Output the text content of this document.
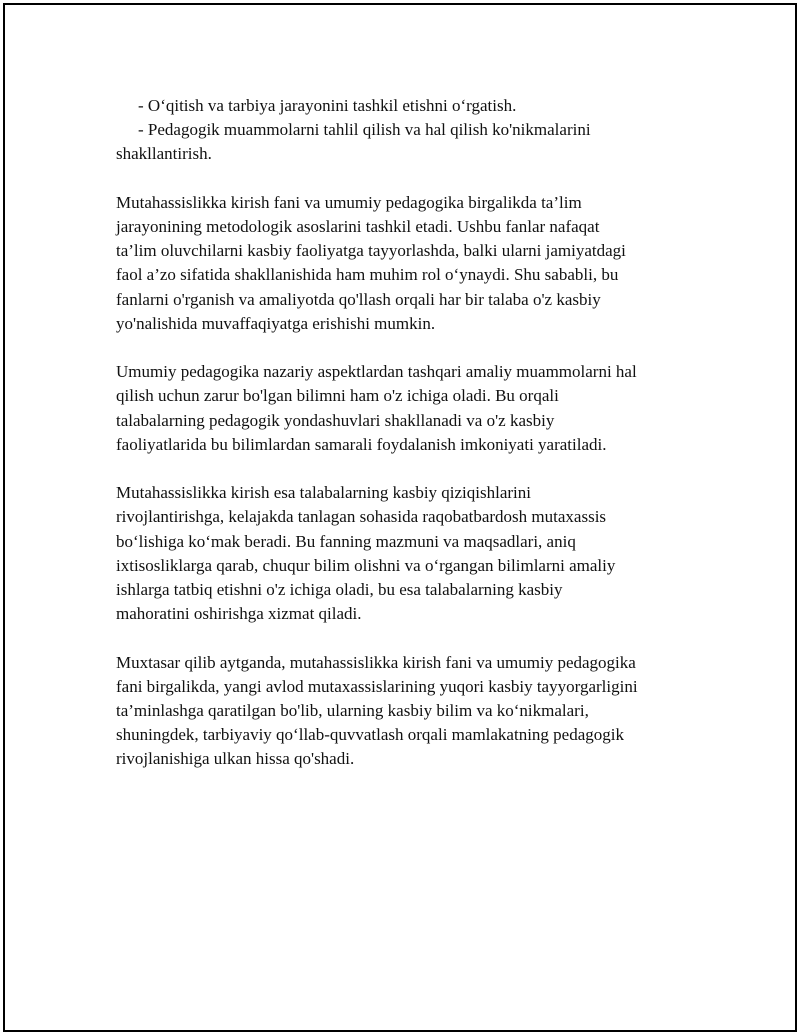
- O‘qitish va tarbiya jarayonini tashkil etishni o‘rgatish.

- Pedagogik muammolarni tahlil qilish va hal qilish ko'nikmalarini

shakllantirish.

Mutahassislikka kirish fani va umumiy pedagogika birgalikda ta’lim

jarayonining metodologik asoslarini tashkil etadi. Ushbu fanlar nafaqat

ta’lim oluvchilarni kasbiy faoliyatga tayyorlashda, balki ularni jamiyatdagi

faol a’zo sifatida shakllanishida ham muhim rol o‘ynaydi. Shu sababli, bu

fanlarni o'rganish va amaliyotda qo'llash orqali har bir talaba o'z kasbiy

yo'nalishida muvaffaqiyatga erishishi mumkin.

Umumiy pedagogika nazariy aspektlardan tashqari amaliy muammolarni hal

qilish uchun zarur bo'lgan bilimni ham o'z ichiga oladi. Bu orqali

talabalarning pedagogik yondashuvlari shakllanadi va o'z kasbiy

faoliyatlarida bu bilimlardan samarali foydalanish imkoniyati yaratiladi.

Mutahassislikka kirish esa talabalarning kasbiy qiziqishlarini

rivojlantirishga, kelajakda tanlagan sohasida raqobatbardosh mutaxassis

bo‘lishiga ko‘mak beradi. Bu fanning mazmuni va maqsadlari, aniq

ixtisosliklarga qarab, chuqur bilim olishni va o‘rgangan bilimlarni amaliy

ishlarga tatbiq etishni o'z ichiga oladi, bu esa talabalarning kasbiy

mahoratini oshirishga xizmat qiladi.

Muxtasar qilib aytganda, mutahassislikka kirish fani va umumiy pedagogika

fani birgalikda, yangi avlod mutaxassislarining yuqori kasbiy tayyorgarligini

ta’minlashga qaratilgan bo'lib, ularning kasbiy bilim va ko‘nikmalari,

shuningdek, tarbiyaviy qo‘llab-quvvatlash orqali mamlakatning pedagogik

rivojlanishiga ulkan hissa qo'shadi.
